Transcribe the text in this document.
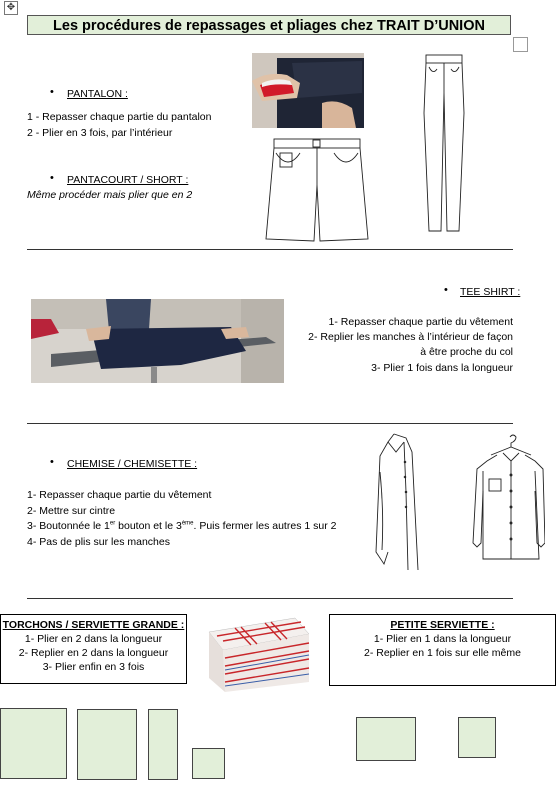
✥
Les procédures de repassages et pliages chez TRAIT D’UNION
• PANTALON :
1 - Repasser chaque partie du pantalon
2 - Plier en 3 fois, par l’intérieur
• PANTACOURT / SHORT :
Même procéder mais plier que en 2
• TEE SHIRT :
1- Repasser chaque partie du vêtement
2- Replier les manches à l’intérieur de façon
à être proche du col
3- Plier 1 fois dans la longueur
• CHEMISE / CHEMISETTE :
1- Repasser chaque partie du vêtement
2- Mettre sur cintre
3- Boutonnée le 1er bouton et le 3ème. Puis fermer les autres 1 sur 2
4- Pas de plis sur les manches
TORCHONS / SERVIETTE GRANDE :
1- Plier en 2 dans la longueur
2- Replier en 2 dans la longueur
3- Plier enfin en 3 fois
PETITE SERVIETTE :
1- Plier en 1 dans la longueur
2- Replier en 1 fois sur elle même
